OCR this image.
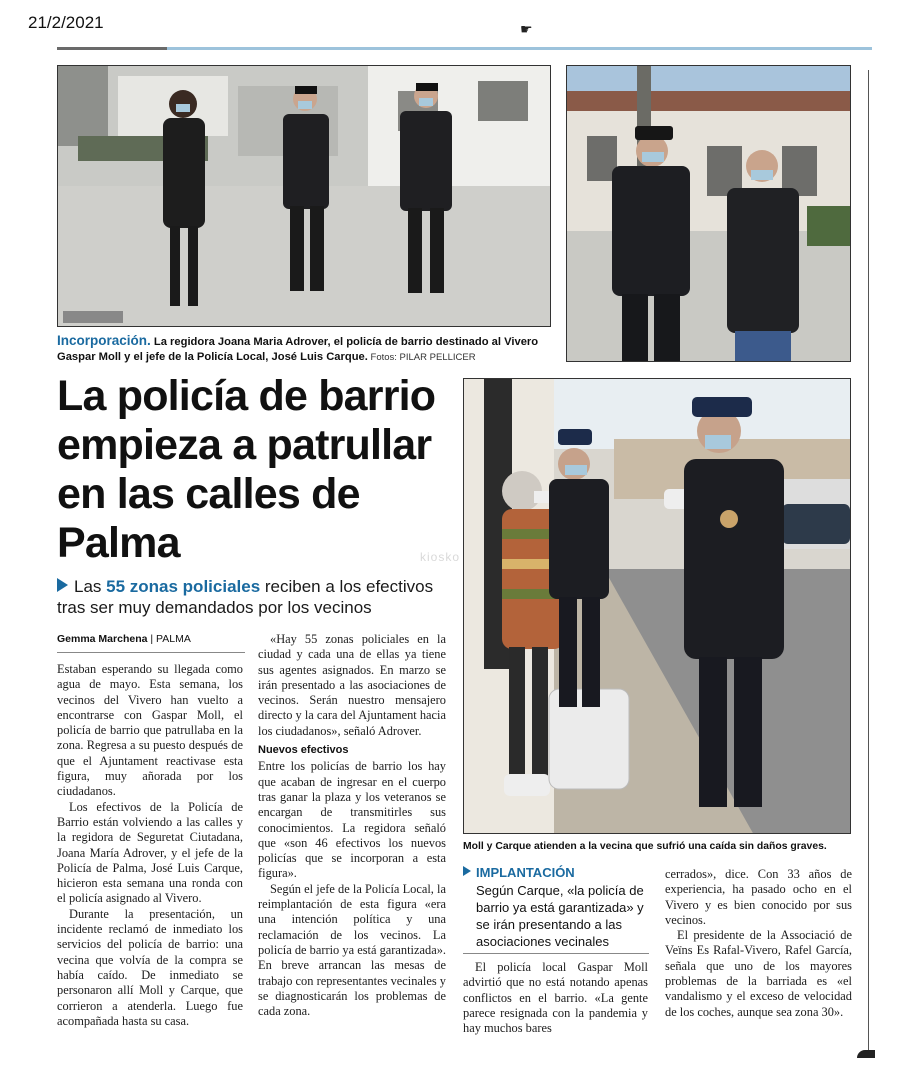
21/2/2021	☛
Incorporación. La regidora Joana Maria Adrover, el policía de barrio destinado al Vivero Gaspar Moll y el jefe de la Policía Local, José Luis Carque. Fotos: PILAR PELLICER
La policía de barrio empieza a patrullar en las calles de Palma
Las 55 zonas policiales reciben a los efectivos tras ser muy demandados por los vecinos
kiosko
Gemma Marchena | PALMA
Moll y Carque atienden a la vecina que sufrió una caída sin daños graves.

Estaban esperando su llegada como agua de mayo. Esta semana, los vecinos del Vivero han vuelto a encontrarse con Gaspar Moll, el policía de barrio que patrullaba en la zona. Regresa a su puesto después de que el Ajuntament reactivase esta figura, muy añorada por los ciudadanos.

Los efectivos de la Policía de Barrio están volviendo a las calles y la regidora de Seguretat Ciutadana, Joana María Adrover, y el jefe de la Policía de Palma, José Luis Carque, hicieron esta semana una ronda con el policía asignado al Vivero.

Durante la presentación, un incidente reclamó de inmediato los servicios del policía de barrio: una vecina que volvía de la compra se había caído. De inmediato se personaron allí Moll y Carque, que corrieron a atenderla. Luego fue acompañada hasta su casa.

«Hay 55 zonas policiales en la ciudad y cada una de ellas ya tiene sus agentes asignados. En marzo se irán presentado a las asociaciones de vecinos. Serán nuestro mensajero directo y la cara del Ajuntament hacia los ciudadanos», señaló Adrover.

Nuevos efectivos

Entre los policías de barrio los hay que acaban de ingresar en el cuerpo tras ganar la plaza y los veteranos se encargan de transmitirles sus conocimientos. La regidora señaló que «son 46 efectivos los nuevos policías que se incorporan a esta figura».

Según el jefe de la Policía Local, la reimplantación de esta figura «era una intención política y una reclamación de los vecinos. La policía de barrio ya está garantizada». En breve arrancan las mesas de trabajo con representantes vecinales y se diagnosticarán los problemas de cada zona.

IMPLANTACIÓN
Según Carque, «la policía de barrio ya está garantizada» y se irán presentando a las asociaciones vecinales

El policía local Gaspar Moll advirtió que no está notando apenas conflictos en el barrio. «La gente parece resignada con la pandemia y hay muchos bares

cerrados», dice. Con 33 años de experiencia, ha pasado ocho en el Vivero y es bien conocido por sus vecinos.

El presidente de la Associació de Veïns Es Rafal-Vivero, Rafel García, señala que uno de los mayores problemas de la barriada es «el vandalismo y el exceso de velocidad de los coches, aunque sea zona 30».
